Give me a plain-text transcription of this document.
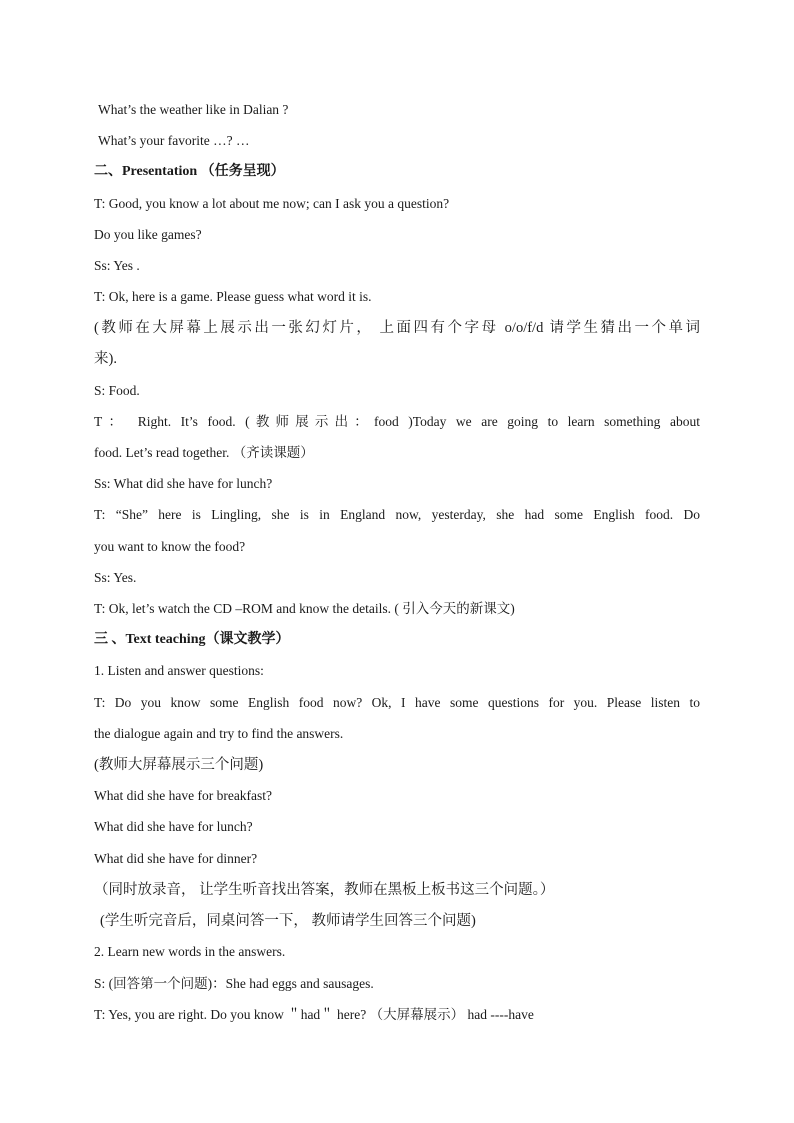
What’s the weather like in Dalian ?
What’s your favorite …? …
二、Presentation （任务呈现）
T: Good, you know a lot about me now; can I ask you a question?
Do you like games?
Ss: Yes .
T: Ok, here is a game. Please guess what word it is.
(教师在大屏幕上展示出一张幻灯片， 上面四有个字母 o/o/f/d 请学生猜出一个单词
来).
S: Food.
T： Right. It’s food. (教师展示出：food )Today we are going to learn something about
food. Let’s read together. （齐读课题）
Ss: What did she have for lunch?
T: “She” here is Lingling, she is in England now, yesterday, she had some English food. Do
you want to know the food?
Ss: Yes.
T: Ok, let’s watch the CD –ROM and know the details. ( 引入今天的新课文)
三 、Text teaching（课文教学）
1. Listen and answer questions:
T: Do you know some English food now? Ok, I have some questions for you. Please listen to
the dialogue again and try to find the answers.
(教师大屏幕展示三个问题)
What did she have for breakfast?
What did she have for lunch?
What did she have for dinner?
（同时放录音， 让学生听音找出答案，教师在黑板上板书这三个问题。）
(学生听完音后，同桌问答一下， 教师请学生回答三个问题)
2. Learn new words in the answers.
S: (回答第一个问题)：She had eggs and sausages.
T: Yes, you are right. Do you know ＂had＂ here? （大屏幕展示） had ----have
